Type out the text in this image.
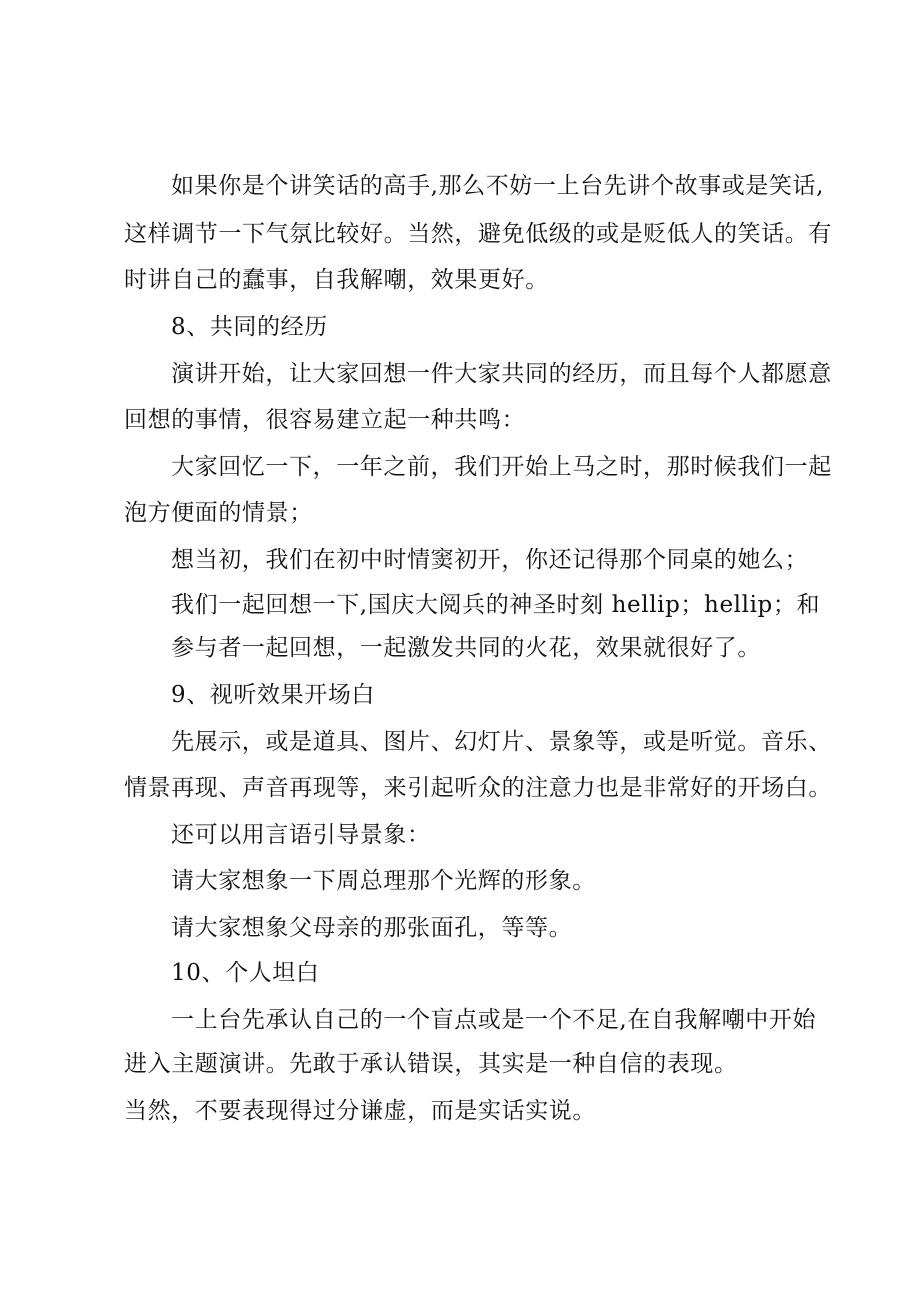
如果你是个讲笑话的高手,那么不妨一上台先讲个故事或是笑话,
这样调节一下气氛比较好。当然，避免低级的或是贬低人的笑话。有
时讲自己的蠢事，自我解嘲，效果更好。
8、共同的经历
演讲开始，让大家回想一件大家共同的经历，而且每个人都愿意
回想的事情，很容易建立起一种共鸣：
大家回忆一下，一年之前，我们开始上马之时，那时候我们一起
泡方便面的情景；
想当初，我们在初中时情窦初开，你还记得那个同桌的她么；
我们一起回想一下,国庆大阅兵的神圣时刻 hellip；hellip；和
参与者一起回想，一起激发共同的火花，效果就很好了。
9、视听效果开场白
先展示，或是道具、图片、幻灯片、景象等，或是听觉。音乐、
情景再现、声音再现等，来引起听众的注意力也是非常好的开场白。
还可以用言语引导景象：
请大家想象一下周总理那个光辉的形象。
请大家想象父母亲的那张面孔，等等。
10、个人坦白
一上台先承认自己的一个盲点或是一个不足,在自我解嘲中开始
进入主题演讲。先敢于承认错误，其实是一种自信的表现。
当然，不要表现得过分谦虚，而是实话实说。
